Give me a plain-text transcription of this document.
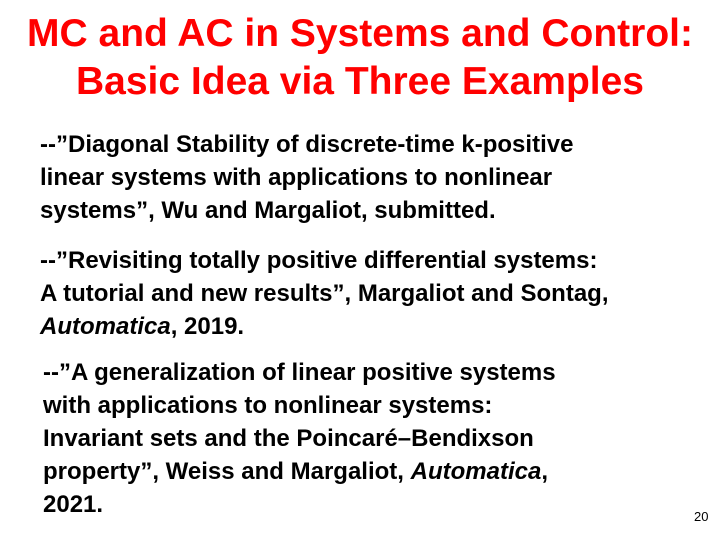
MC and AC in Systems and Control:
Basic Idea via Three Examples
--”Diagonal Stability of discrete-time k-positive
linear systems with applications to nonlinear
systems”, Wu and Margaliot, submitted.
--”Revisiting totally positive differential systems:
A tutorial and new results”, Margaliot and Sontag,
Automatica, 2019.
--”A generalization of linear positive systems
with applications to nonlinear systems:
Invariant sets and the Poincaré–Bendixson
property”, Weiss and Margaliot, Automatica,
2021.	20
